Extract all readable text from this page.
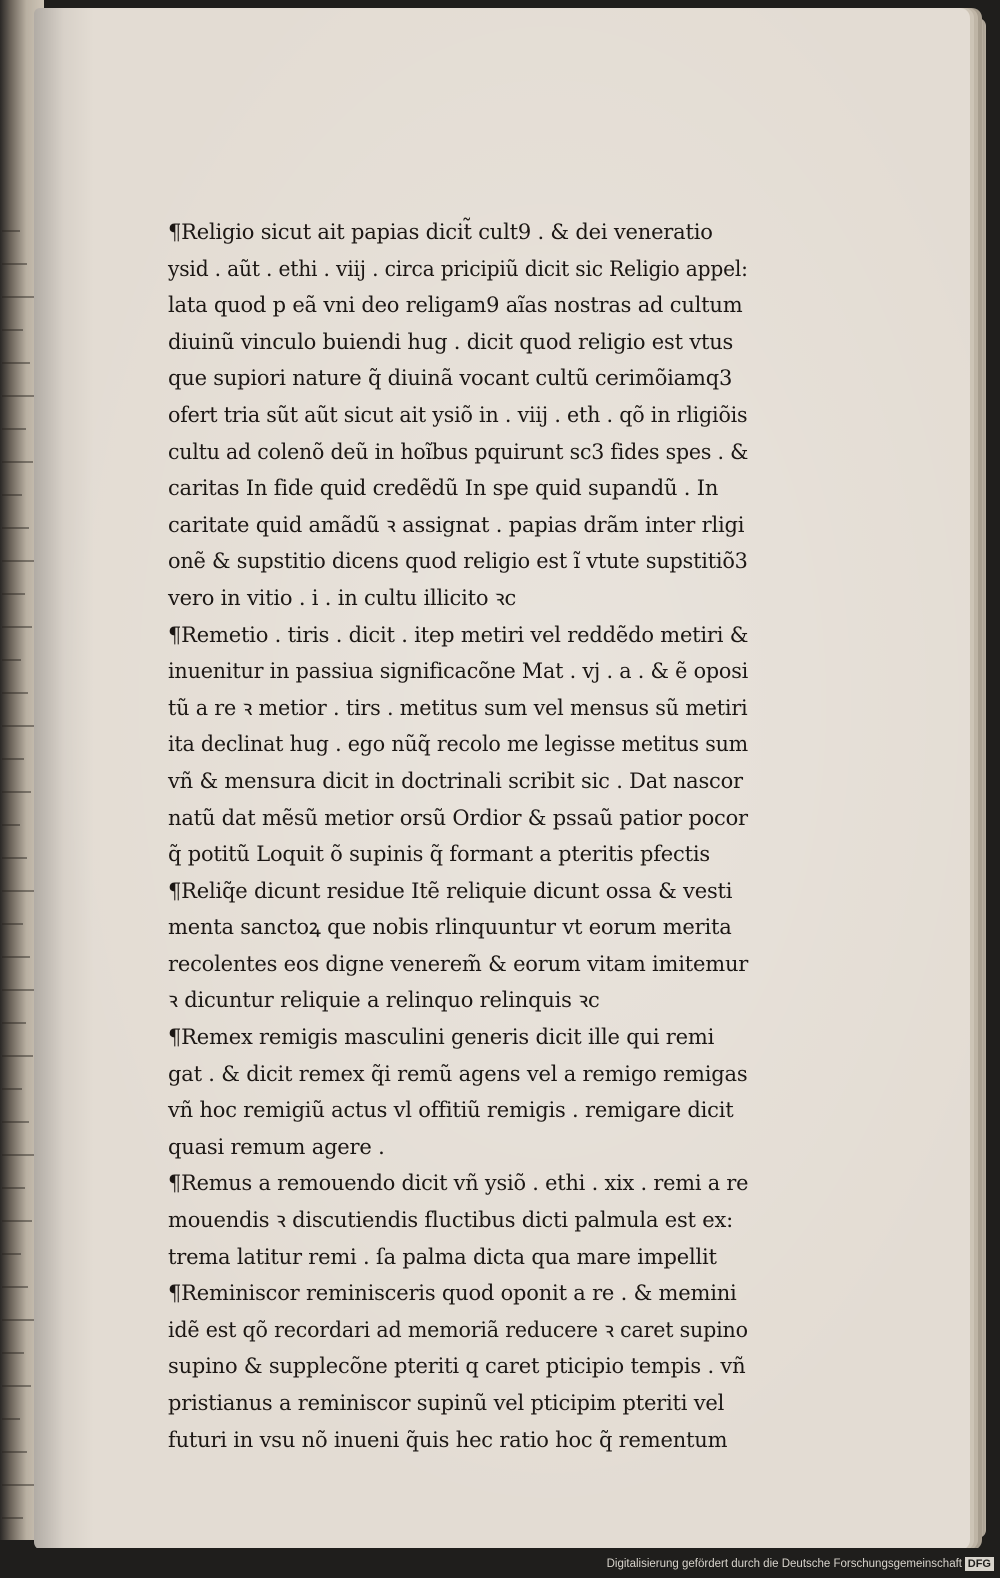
¶Religio sicut ait papias dicit̃ cult9 . & dei veneratio
ysid . aũt . ethi . viij . circa pricipiũ dicit sic Religio appel:
lata quod p eã vni deo religam9 aĩas nostras ad cultum
diuinũ vinculo buiendi hug . dicit quod religio est vtus
que supiori nature q̃ diuinã vocant cultũ cerimõiamq3
ofert tria sũt aũt sicut ait ysiõ in . viij . eth . qõ in rligiõis
cultu ad colenõ deũ in hoĩbus pquirunt sc3 fides spes . &
caritas In fide quid credẽdũ In spe quid supandũ . In
caritate quid amãdũ ꝛ assignat . papias drãm inter rligi
onẽ & supstitio dicens quod religio est ĩ vtute supstitiõ3
vero in vitio . i . in cultu illicito ꝛc
¶Remetio . tiris . dicit . itep metiri vel reddẽdo metiri &
inuenitur in passiua significacõne Mat . vj . a . & ẽ oposi
tũ a re ꝛ metior . tirs . metitus sum vel mensus sũ metiri
ita declinat hug . ego nũq̃ recolo me legisse metitus sum
vñ & mensura dicit in doctrinali scribit sic . Dat nascor
natũ dat mẽsũ metior orsũ Ordior & pssaũ patior pocor
q̃ potitũ Loquit õ supinis q̃ formant a pteritis pfectis
¶Reliq̃e dicunt residue Itẽ reliquie dicunt ossa & vesti
menta sanctoꝝ que nobis rlinquuntur vt eorum merita
recolentes eos digne venerem̃ & eorum vitam imitemur
ꝛ dicuntur reliquie a relinquo relinquis ꝛc
¶Remex remigis masculini generis dicit ille qui remi
gat . & dicit remex q̃i remũ agens vel a remigo remigas
vñ hoc remigiũ actus vl offitiũ remigis . remigare dicit
quasi remum agere .
¶Remus a remouendo dicit vñ ysiõ . ethi . xix . remi a re
mouendis ꝛ discutiendis fluctibus dicti palmula est ex:
trema latitur remi . ſa palma dicta qua mare impellit
¶Reminiscor reminisceris quod oponit a re . & memini
idẽ est qõ recordari ad memoriã reducere ꝛ caret supino
supino & supplecõne pteriti q caret pticipio tempis . vñ
pristianus a reminiscor supinũ vel pticipim pteriti vel
futuri in vsu nõ inueni q̃uis hec ratio hoc q̃ rementum
Digitalisierung gefördert durch die Deutsche Forschungsgemeinschaft DFG
